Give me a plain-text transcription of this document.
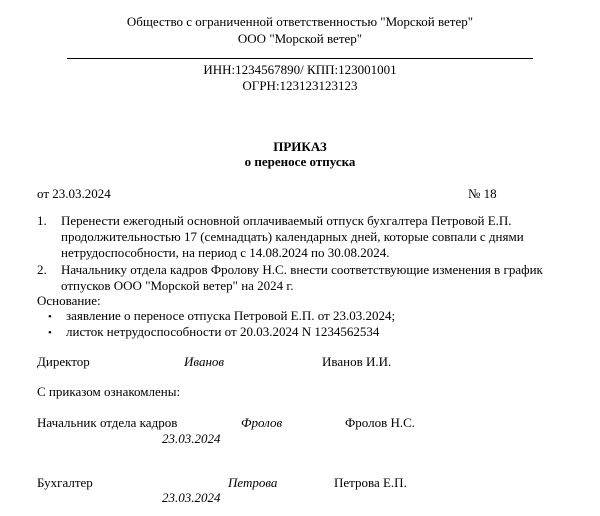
Общество с ограниченной ответственностью "Морской ветер"
ООО "Морской ветер"
ИНН:1234567890/ КПП:123001001
ОГРН:123123123123
ПРИКАЗ
о переносе отпуска
от 23.03.2024	№ 18
1.	Перенести ежегодный основной оплачиваемый отпуск бухгалтера Петровой Е.П.
продолжительностью 17 (семнадцать) календарных дней, которые совпали с днями
нетрудоспособности, на период с 14.08.2024 по 30.08.2024.
2.	Начальнику отдела кадров Фролову Н.С. внести соответствующие изменения в график
отпусков ООО "Морской ветер" на 2024 г.
Основание:
• заявление о переносе отпуска Петровой Е.П. от 23.03.2024;
• листок нетрудоспособности от 20.03.2024 N 1234562534
Директор	Иванов	Иванов И.И.
С приказом ознакомлены:
Начальник отдела кадров	Фролов	Фролов Н.С.
23.03.2024
Бухгалтер	Петрова	Петрова Е.П.
23.03.2024
